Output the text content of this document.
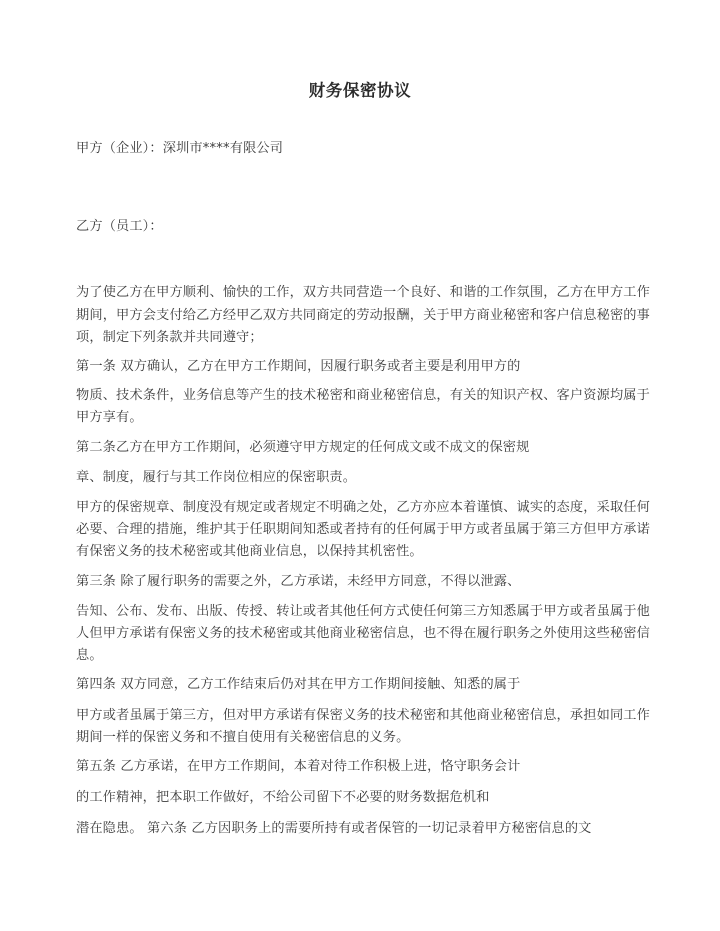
财务保密协议

甲方（企业）：深圳市****有限公司

乙方（员工）：

为了使乙方在甲方顺利、愉快的工作，双方共同营造一个良好、和谐的工作氛围，乙方在甲方工作期间，甲方会支付给乙方经甲乙双方共同商定的劳动报酬，关于甲方商业秘密和客户信息秘密的事项，制定下列条款并共同遵守；

第一条 双方确认，乙方在甲方工作期间，因履行职务或者主要是利用甲方的

物质、技术条件，业务信息等产生的技术秘密和商业秘密信息，有关的知识产权、客户资源均属于甲方享有。

第二条乙方在甲方工作期间，必须遵守甲方规定的任何成文或不成文的保密规

章、制度，履行与其工作岗位相应的保密职责。

甲方的保密规章、制度没有规定或者规定不明确之处，乙方亦应本着谨慎、诚实的态度，采取任何必要、合理的措施，维护其于任职期间知悉或者持有的任何属于甲方或者虽属于第三方但甲方承诺有保密义务的技术秘密或其他商业信息，以保持其机密性。

第三条 除了履行职务的需要之外，乙方承诺，未经甲方同意，不得以泄露、

告知、公布、发布、出版、传授、转让或者其他任何方式使任何第三方知悉属于甲方或者虽属于他人但甲方承诺有保密义务的技术秘密或其他商业秘密信息，也不得在履行职务之外使用这些秘密信息。

第四条 双方同意，乙方工作结束后仍对其在甲方工作期间接触、知悉的属于

甲方或者虽属于第三方，但对甲方承诺有保密义务的技术秘密和其他商业秘密信息，承担如同工作期间一样的保密义务和不擅自使用有关秘密信息的义务。

第五条 乙方承诺，在甲方工作期间，本着对待工作积极上进，恪守职务会计

的工作精神，把本职工作做好，不给公司留下不必要的财务数据危机和

潜在隐患。 第六条 乙方因职务上的需要所持有或者保管的一切记录着甲方秘密信息的文
